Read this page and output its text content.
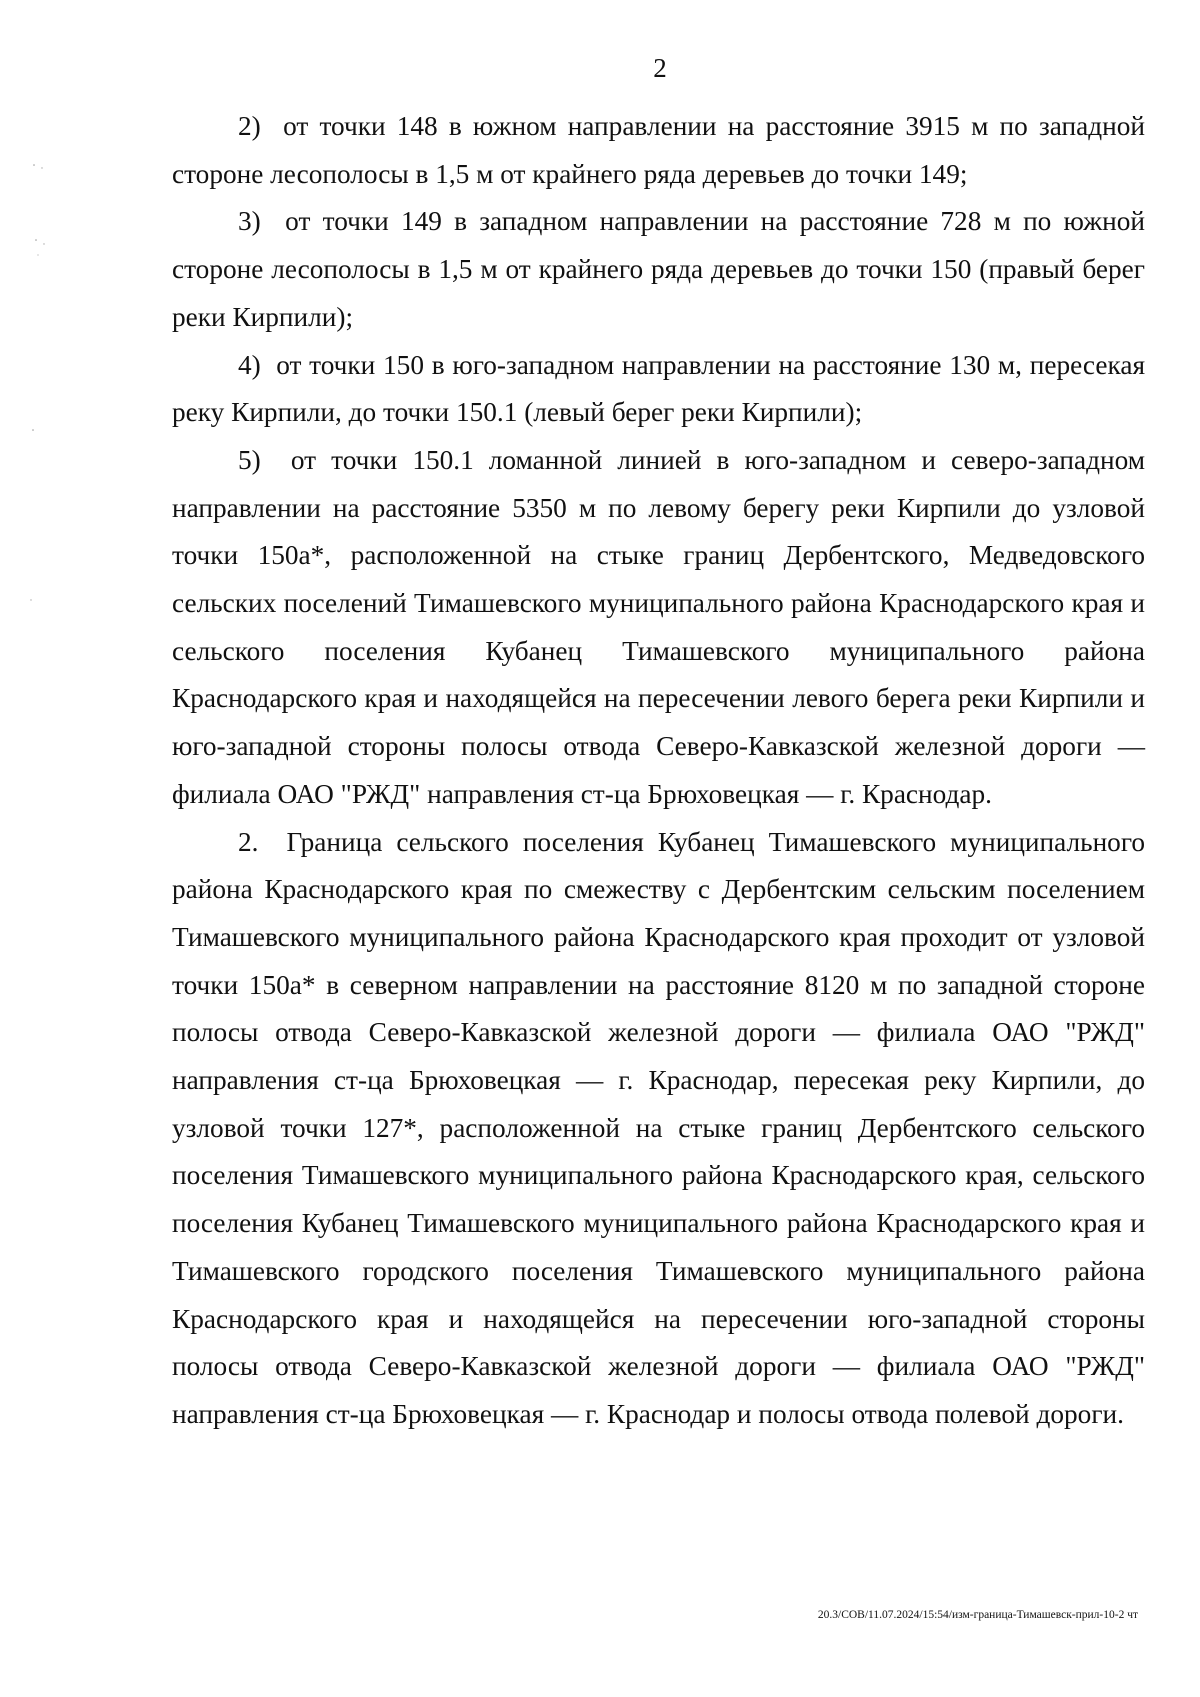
2

2)  от точки 148 в южном направлении на расстояние 3915 м по западной стороне лесополосы в 1,5 м от крайнего ряда деревьев до точки 149;

3)  от точки 149 в западном направлении на расстояние 728 м по южной стороне лесополосы в 1,5 м от крайнего ряда деревьев до точки 150 (правый берег реки Кирпили);

4)  от точки 150 в юго-западном направлении на расстояние 130 м, пересекая реку Кирпили, до точки 150.1 (левый берег реки Кирпили);

5)  от точки 150.1 ломанной линией в юго-западном и северо-западном направлении на расстояние 5350 м по левому берегу реки Кирпили до узловой точки 150а*, расположенной на стыке границ Дербентского, Медведовского сельских поселений Тимашевского муниципального района Краснодарского края и сельского поселения Кубанец Тимашевского муниципального района Краснодарского края и находящейся на пересечении левого берега реки Кирпили и юго-западной стороны полосы отвода Северо-Кавказской железной дороги — филиала ОАО "РЖД" направления ст-ца Брюховецкая — г. Краснодар.

2.  Граница сельского поселения Кубанец Тимашевского муниципального района Краснодарского края по смежеству с Дербентским сельским поселением Тимашевского муниципального района Краснодарского края проходит от узловой точки 150а* в северном направлении на расстояние 8120 м по западной стороне полосы отвода Северо-Кавказской железной дороги — филиала ОАО "РЖД" направления ст-ца Брюховецкая — г. Краснодар, пересекая реку Кирпили, до узловой точки 127*, расположенной на стыке границ Дербентского сельского поселения Тимашевского муниципального района Краснодарского края, сельского поселения Кубанец Тимашевского муниципального района Краснодарского края и Тимашевского городского поселения Тимашевского муниципального района Краснодарского края и находящейся на пересечении юго-западной стороны полосы отвода Северо-Кавказской железной дороги — филиала ОАО "РЖД" направления ст-ца Брюховецкая — г. Краснодар и полосы отвода полевой дороги.

20.3/СОВ/11.07.2024/15:54/изм-граница-Тимашевск-прил-10-2 чт
